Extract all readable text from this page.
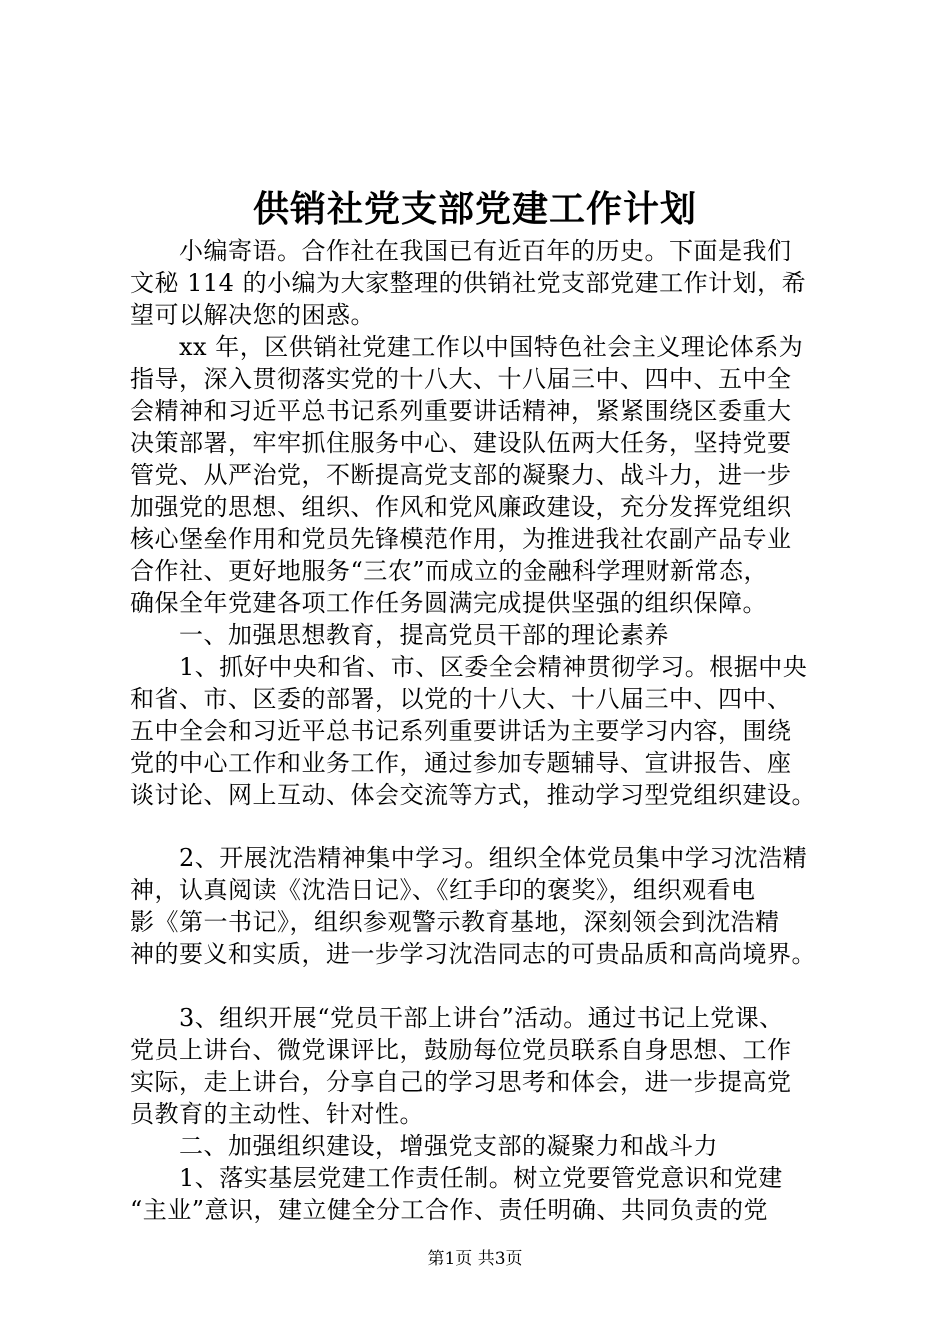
供销社党支部党建工作计划
　　小编寄语。合作社在我国已有近百年的历史。下面是我们
文秘 114 的小编为大家整理的供销社党支部党建工作计划，希
望可以解决您的困惑。
　　xx 年，区供销社党建工作以中国特色社会主义理论体系为
指导，深入贯彻落实党的十八大、十八届三中、四中、五中全
会精神和习近平总书记系列重要讲话精神，紧紧围绕区委重大
决策部署，牢牢抓住服务中心、建设队伍两大任务，坚持党要
管党、从严治党，不断提高党支部的凝聚力、战斗力，进一步
加强党的思想、组织、作风和党风廉政建设，充分发挥党组织
核心堡垒作用和党员先锋模范作用，为推进我社农副产品专业
合作社、更好地服务“三农”而成立的金融科学理财新常态，
确保全年党建各项工作任务圆满完成提供坚强的组织保障。
　　一、加强思想教育，提高党员干部的理论素养
　　1、抓好中央和省、市、区委全会精神贯彻学习。根据中央
和省、市、区委的部署，以党的十八大、十八届三中、四中、
五中全会和习近平总书记系列重要讲话为主要学习内容，围绕
党的中心工作和业务工作，通过参加专题辅导、宣讲报告、座
谈讨论、网上互动、体会交流等方式，推动学习型党组织建设。
　　2、开展沈浩精神集中学习。组织全体党员集中学习沈浩精
神，认真阅读《沈浩日记》、《红手印的褒奖》，组织观看电
影《第一书记》，组织参观警示教育基地，深刻领会到沈浩精
神的要义和实质，进一步学习沈浩同志的可贵品质和高尚境界。
　　3、组织开展“党员干部上讲台”活动。通过书记上党课、
党员上讲台、微党课评比，鼓励每位党员联系自身思想、工作
实际，走上讲台，分享自己的学习思考和体会，进一步提高党
员教育的主动性、针对性。
　　二、加强组织建设，增强党支部的凝聚力和战斗力
　　1、落实基层党建工作责任制。树立党要管党意识和党建
“主业”意识，建立健全分工合作、责任明确、共同负责的党
第1页 共3页
